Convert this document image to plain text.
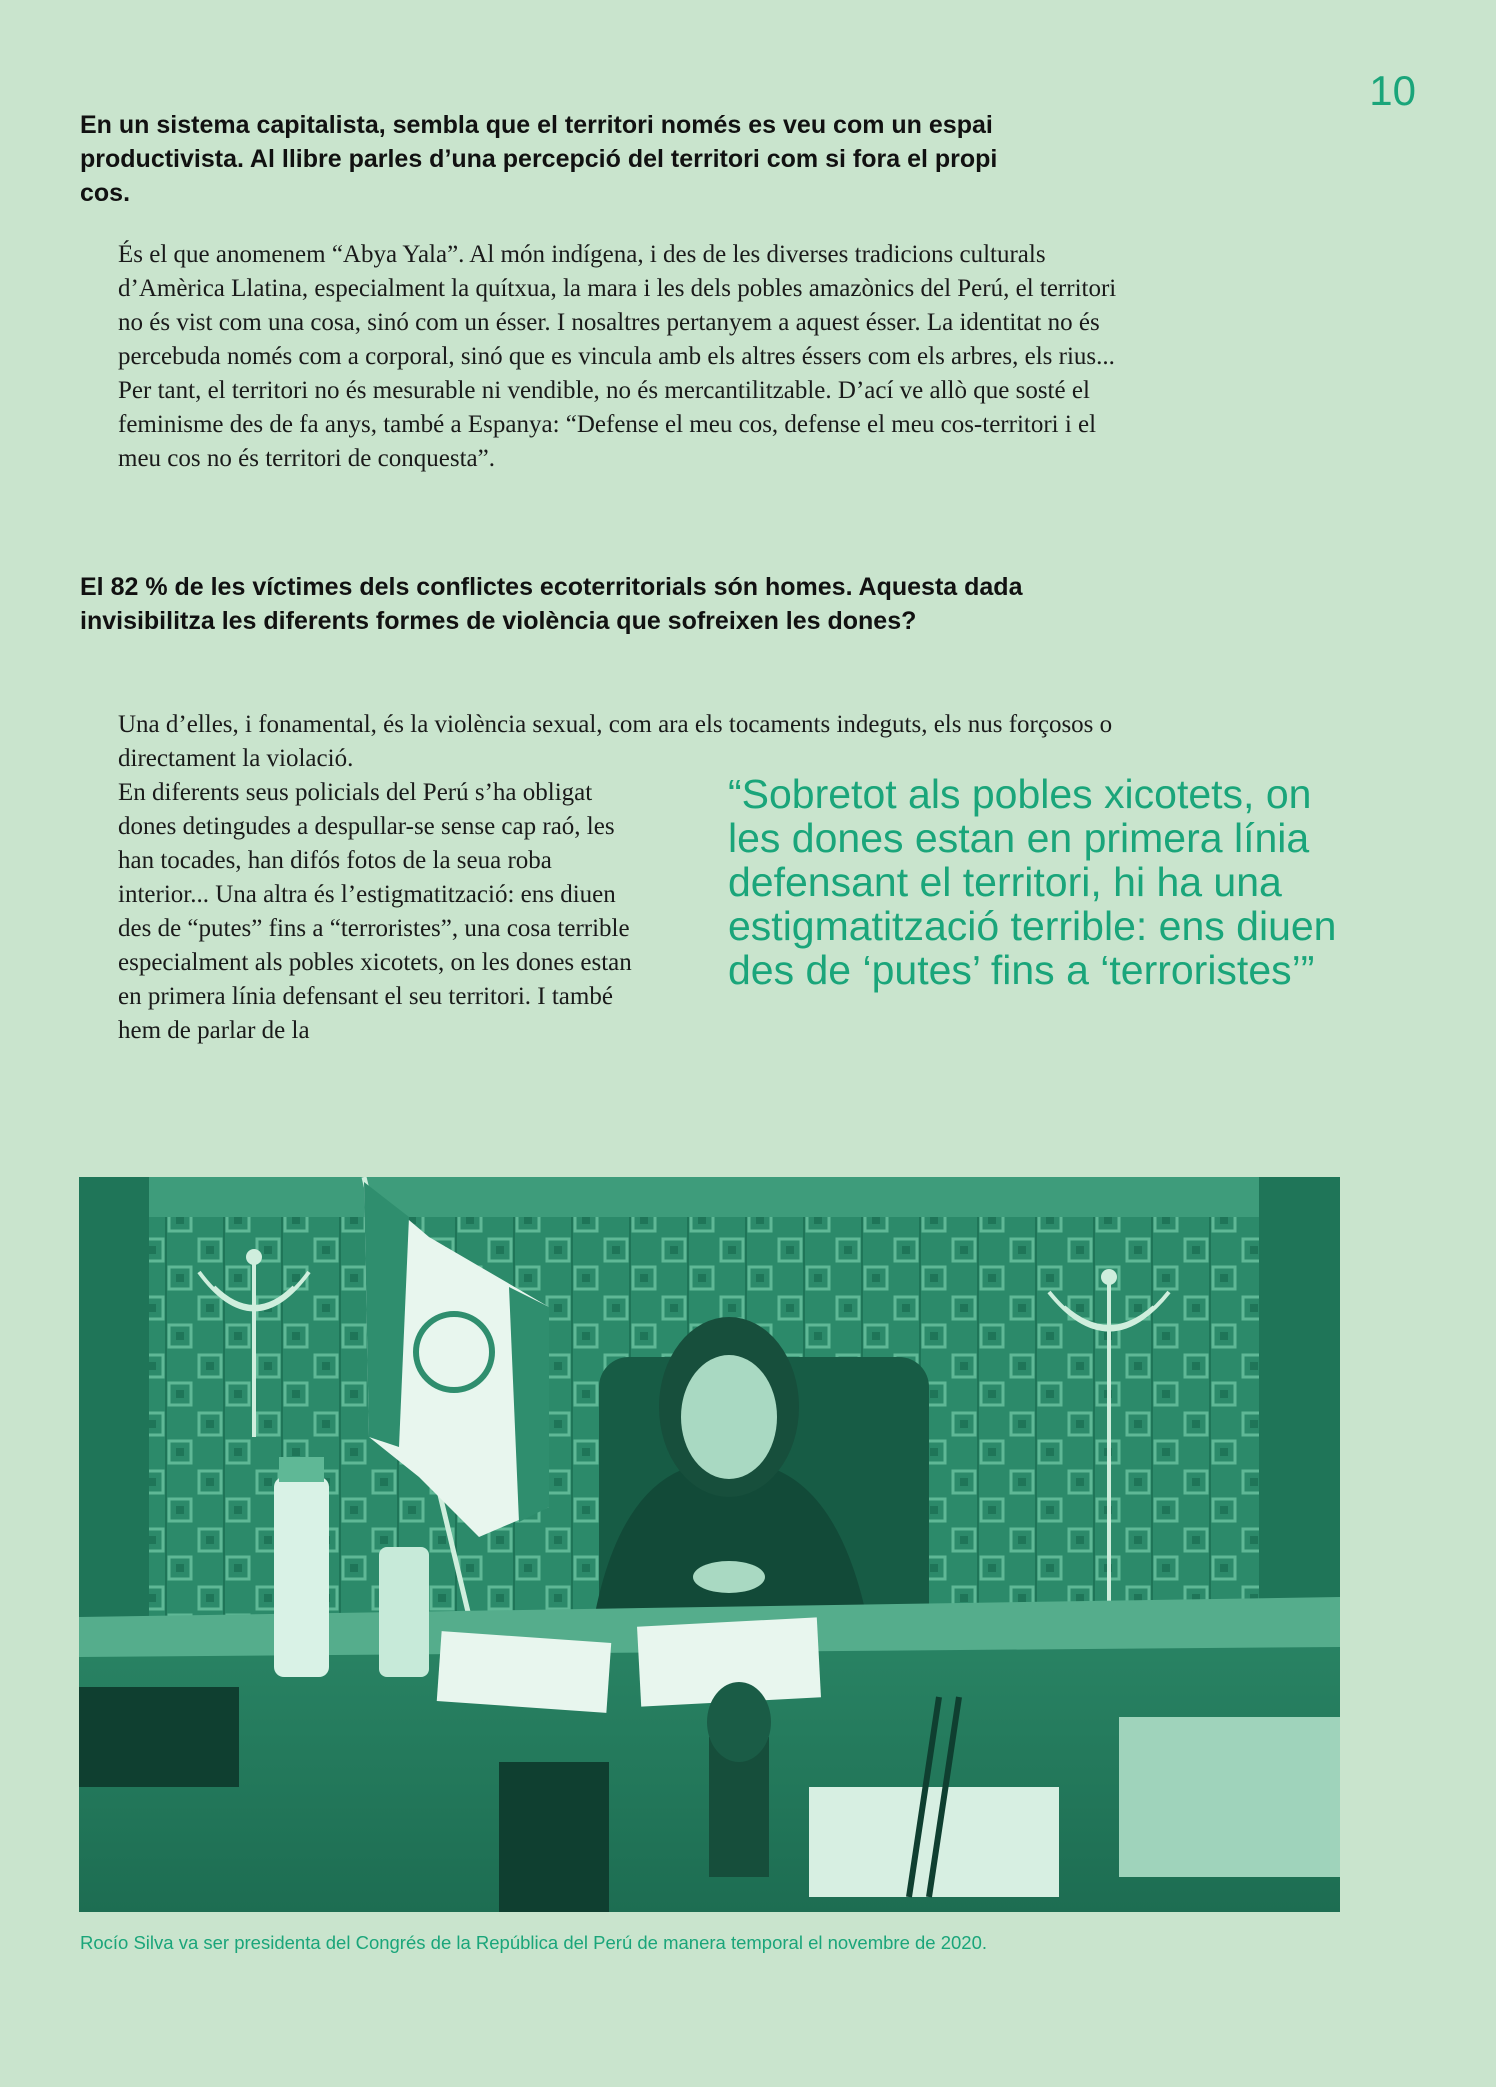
10

En un sistema capitalista, sembla que el territori només es veu com un espai productivista. Al llibre parles d’una percepció del territori com si fora el propi cos.

És el que anomenem “Abya Yala”. Al món indígena, i des de les diverses tradicions culturals d’Amèrica Llatina, especialment la quítxua, la mara i les dels pobles amazònics del Perú, el territori no és vist com una cosa, sinó com un ésser. I nosaltres pertanyem a aquest ésser. La identitat no és percebuda només com a corporal, sinó que es vincula amb els altres éssers com els arbres, els rius... Per tant, el territori no és mesurable ni vendible, no és mercantilitzable. D’ací ve allò que sosté el feminisme des de fa anys, també a Espanya: “Defense el meu cos, defense el meu cos-territori i el meu cos no és territori de conquesta”.

El 82 % de les víctimes dels conflictes ecoterritorials són homes. Aquesta dada invisibilitza les diferents formes de violència que sofreixen les dones?

Una d’elles, i fonamental, és la violència sexual, com ara els tocaments indeguts, els nus forçosos o directament la violació.

En diferents seus policials del Perú s’ha obligat dones detingudes a despullar-se sense cap raó, les han tocades, han difós fotos de la seua roba interior... Una altra és l’estigmatització: ens diuen des de “putes” fins a “terroristes”, una cosa terrible especialment als pobles xicotets, on les dones estan en primera línia defensant el seu territori. I també hem de parlar de la

“Sobretot als pobles xicotets, on les dones estan en primera línia defensant el territori, hi ha una estigmatització terrible: ens diuen des de ‘putes’ fins a ‘terroristes’”

Rocío Silva va ser presidenta del Congrés de la República del Perú de manera temporal el novembre de 2020.
